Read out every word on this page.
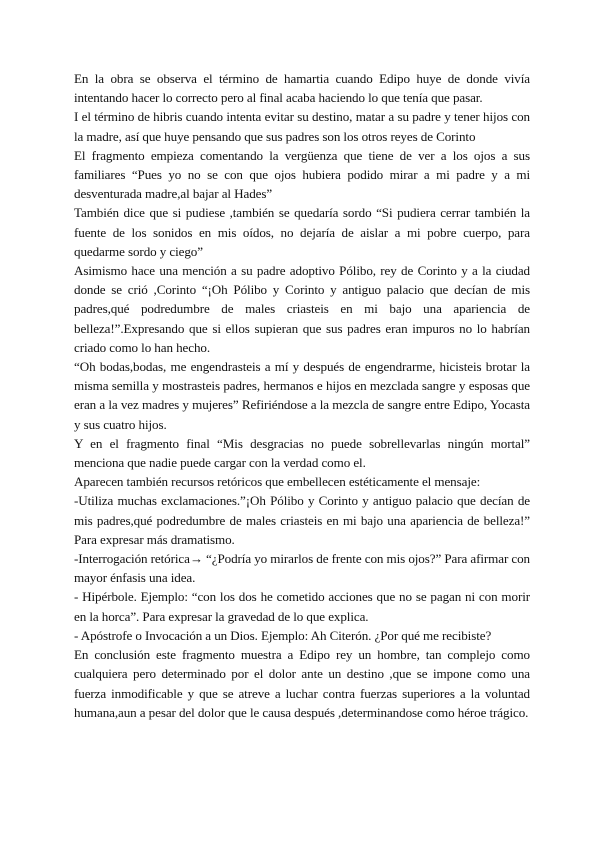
En la obra se observa el término de hamartia cuando Edipo huye de donde vivía intentando hacer lo correcto pero al final acaba haciendo lo que tenía que pasar.

I el término de hibris cuando intenta evitar su destino, matar a su padre y tener hijos con la madre, así que huye pensando que sus padres son los otros reyes de Corinto

El fragmento empieza comentando la vergüenza que tiene de ver a los ojos a sus familiares “Pues yo no se con que ojos hubiera podido mirar a mi padre y a mi desventurada madre,al bajar al Hades”

También dice que si pudiese ,también se quedaría sordo “Si pudiera cerrar también la fuente de los sonidos en mis oídos, no dejaría de aislar a mi pobre cuerpo, para quedarme sordo y ciego”

Asimismo hace una mención a su padre adoptivo Pólibo, rey de Corinto y a la ciudad donde se crió ,Corinto “¡Oh Pólibo y Corinto y antiguo palacio que decían de mis padres,qué podredumbre de males criasteis en mi bajo una apariencia de belleza!”.Expresando que si ellos supieran que sus padres eran impuros no lo habrían criado como lo han hecho.

“Oh bodas,bodas, me engendrasteis a mí y después de engendrarme, hicisteis brotar la misma semilla y mostrasteis padres, hermanos e hijos en mezclada sangre y esposas que eran a la vez madres y mujeres” Refiriéndose a la mezcla de sangre entre Edipo, Yocasta y sus cuatro hijos.

Y en el fragmento final “Mis desgracias no puede sobrellevarlas ningún mortal” menciona que nadie puede cargar con la verdad como el.

Aparecen también recursos retóricos que embellecen estéticamente el mensaje:

-Utiliza muchas exclamaciones.”¡Oh Pólibo y Corinto y antiguo palacio que decían de mis padres,qué podredumbre de males criasteis en mi bajo una apariencia de belleza!” Para expresar más dramatismo.

-Interrogación retórica→ “¿Podría yo mirarlos de frente con mis ojos?” Para afirmar con mayor énfasis una idea.

- Hipérbole. Ejemplo: “con los dos he cometido acciones que no se pagan ni con morir en la horca”. Para expresar la gravedad de lo que explica.

- Apóstrofe o Invocación a un Dios. Ejemplo: Ah Citerón. ¿Por qué me recibiste?

En conclusión este fragmento muestra a Edipo rey un hombre, tan complejo como cualquiera pero determinado por el dolor ante un destino ,que se impone como una fuerza inmodificable y que se atreve a luchar contra fuerzas superiores a la voluntad humana,aun a pesar del dolor que le causa después ,determinandose como héroe trágico.
